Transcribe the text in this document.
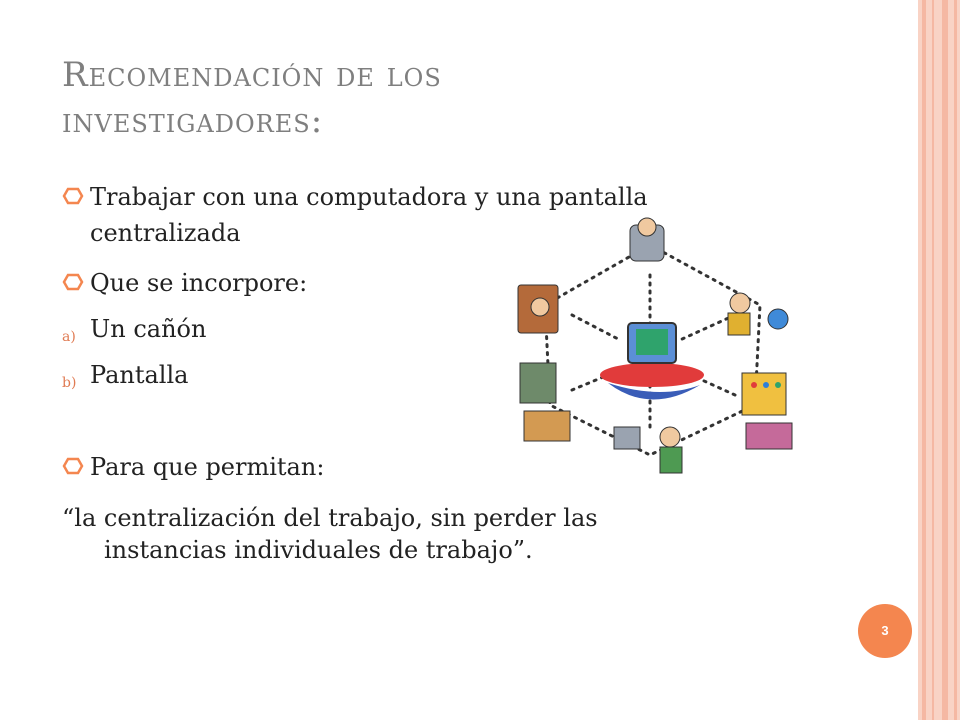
Recomendación de los
investigadores:
Trabajar con una computadora y una pantalla
centralizada
Que se incorpore:
a) Un cañón
b) Pantalla
Para que permitan:
“la centralización del trabajo, sin perder las
instancias individuales de trabajo”.
3
